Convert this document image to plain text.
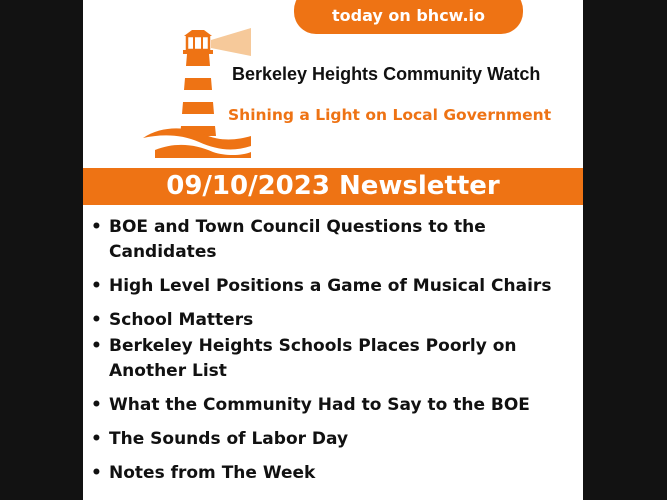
today on bhcw.io
Berkeley Heights Community Watch
Shining a Light on Local Government
09/10/2023 Newsletter
• BOE and Town Council Questions to the Candidates
• High Level Positions a Game of Musical Chairs
• School Matters
• Berkeley Heights Schools Places Poorly on Another List
• What the Community Had to Say to the BOE
• The Sounds of Labor Day
• Notes from The Week
